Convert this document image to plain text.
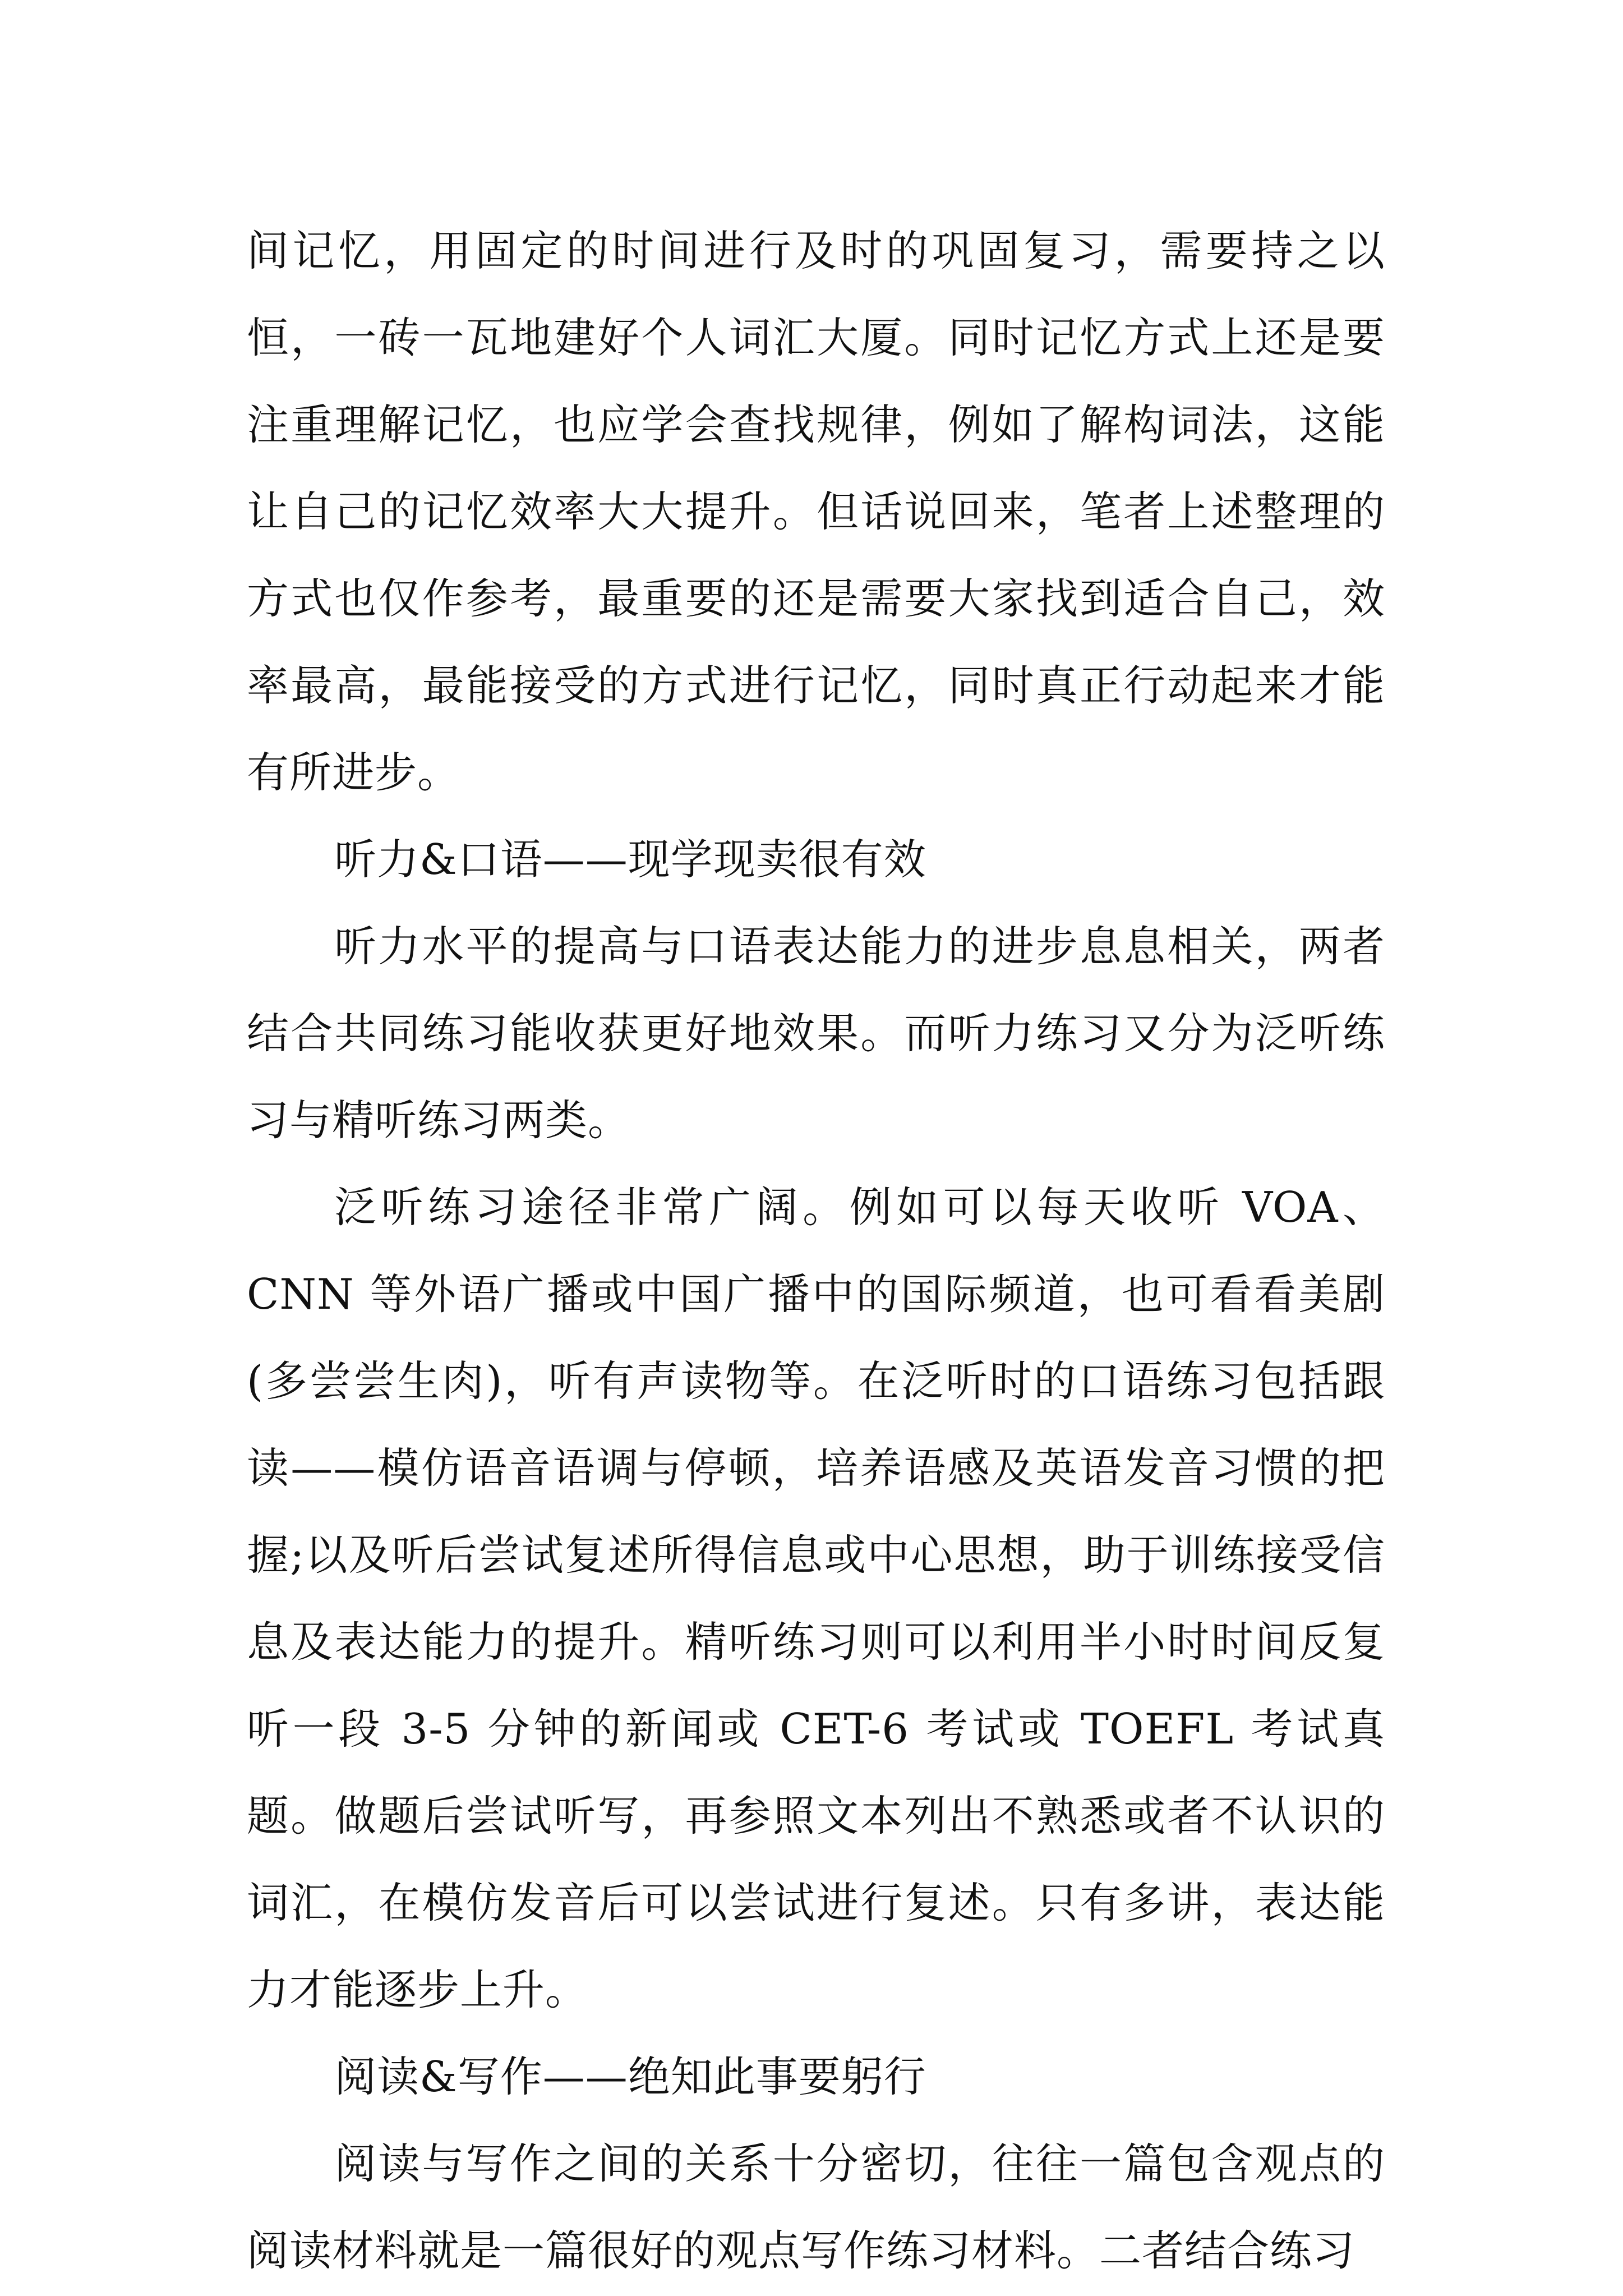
间记忆，用固定的时间进行及时的巩固复习，需要持之以恒，一砖一瓦地建好个人词汇大厦。同时记忆方式上还是要注重理解记忆，也应学会查找规律，例如了解构词法，这能让自己的记忆效率大大提升。但话说回来，笔者上述整理的方式也仅作参考，最重要的还是需要大家找到适合自己，效率最高，最能接受的方式进行记忆，同时真正行动起来才能有所进步。

听力&口语——现学现卖很有效

听力水平的提高与口语表达能力的进步息息相关，两者结合共同练习能收获更好地效果。而听力练习又分为泛听练习与精听练习两类。

泛听练习途径非常广阔。例如可以每天收听 VOA、CNN 等外语广播或中国广播中的国际频道，也可看看美剧(多尝尝生肉)，听有声读物等。在泛听时的口语练习包括跟读——模仿语音语调与停顿，培养语感及英语发音习惯的把握;以及听后尝试复述所得信息或中心思想，助于训练接受信息及表达能力的提升。精听练习则可以利用半小时时间反复听一段 3-5 分钟的新闻或 CET-6 考试或 TOEFL 考试真题。做题后尝试听写，再参照文本列出不熟悉或者不认识的词汇，在模仿发音后可以尝试进行复述。只有多讲，表达能力才能逐步上升。

阅读&写作——绝知此事要躬行

阅读与写作之间的关系十分密切，往往一篇包含观点的阅读材料就是一篇很好的观点写作练习材料。二者结合练习
